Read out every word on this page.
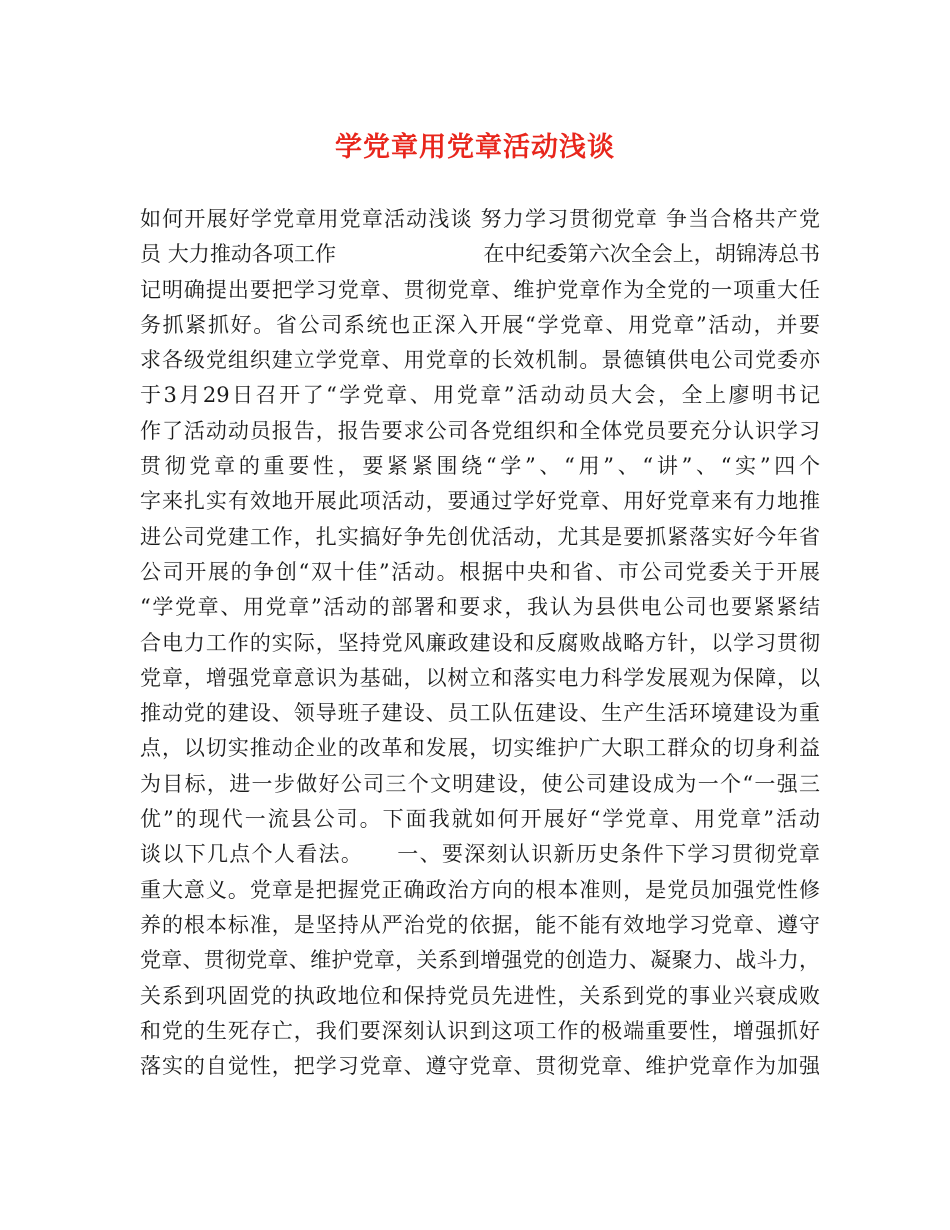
学党章用党章活动浅谈
如何开展好学党章用党章活动浅谈 努力学习贯彻党章 争当合格共产党
员 大力推动各项工作　　　　　　　在中纪委第六次全会上，胡锦涛总书
记明确提出要把学习党章、贯彻党章、维护党章作为全党的一项重大任
务抓紧抓好。省公司系统也正深入开展“学党章、用党章”活动，并要
求各级党组织建立学党章、用党章的长效机制。景德镇供电公司党委亦
于3月29日召开了“学党章、用党章”活动动员大会，全上廖明书记
作了活动动员报告，报告要求公司各党组织和全体党员要充分认识学习
贯彻党章的重要性，要紧紧围绕“学”、“用”、“讲”、“实”四个
字来扎实有效地开展此项活动，要通过学好党章、用好党章来有力地推
进公司党建工作，扎实搞好争先创优活动，尤其是要抓紧落实好今年省
公司开展的争创“双十佳”活动。根据中央和省、市公司党委关于开展
“学党章、用党章”活动的部署和要求，我认为县供电公司也要紧紧结
合电力工作的实际，坚持党风廉政建设和反腐败战略方针，以学习贯彻
党章，增强党章意识为基础，以树立和落实电力科学发展观为保障，以
推动党的建设、领导班子建设、员工队伍建设、生产生活环境建设为重
点，以切实推动企业的改革和发展，切实维护广大职工群众的切身利益
为目标，进一步做好公司三个文明建设，使公司建设成为一个“一强三
优”的现代一流县公司。下面我就如何开展好“学党章、用党章”活动
谈以下几点个人看法。　　一、要深刻认识新历史条件下学习贯彻党章
重大意义。党章是把握党正确政治方向的根本准则，是党员加强党性修
养的根本标准，是坚持从严治党的依据，能不能有效地学习党章、遵守
党章、贯彻党章、维护党章，关系到增强党的创造力、凝聚力、战斗力，
关系到巩固党的执政地位和保持党员先进性，关系到党的事业兴衰成败
和党的生死存亡，我们要深刻认识到这项工作的极端重要性，增强抓好
落实的自觉性，把学习党章、遵守党章、贯彻党章、维护党章作为加强
